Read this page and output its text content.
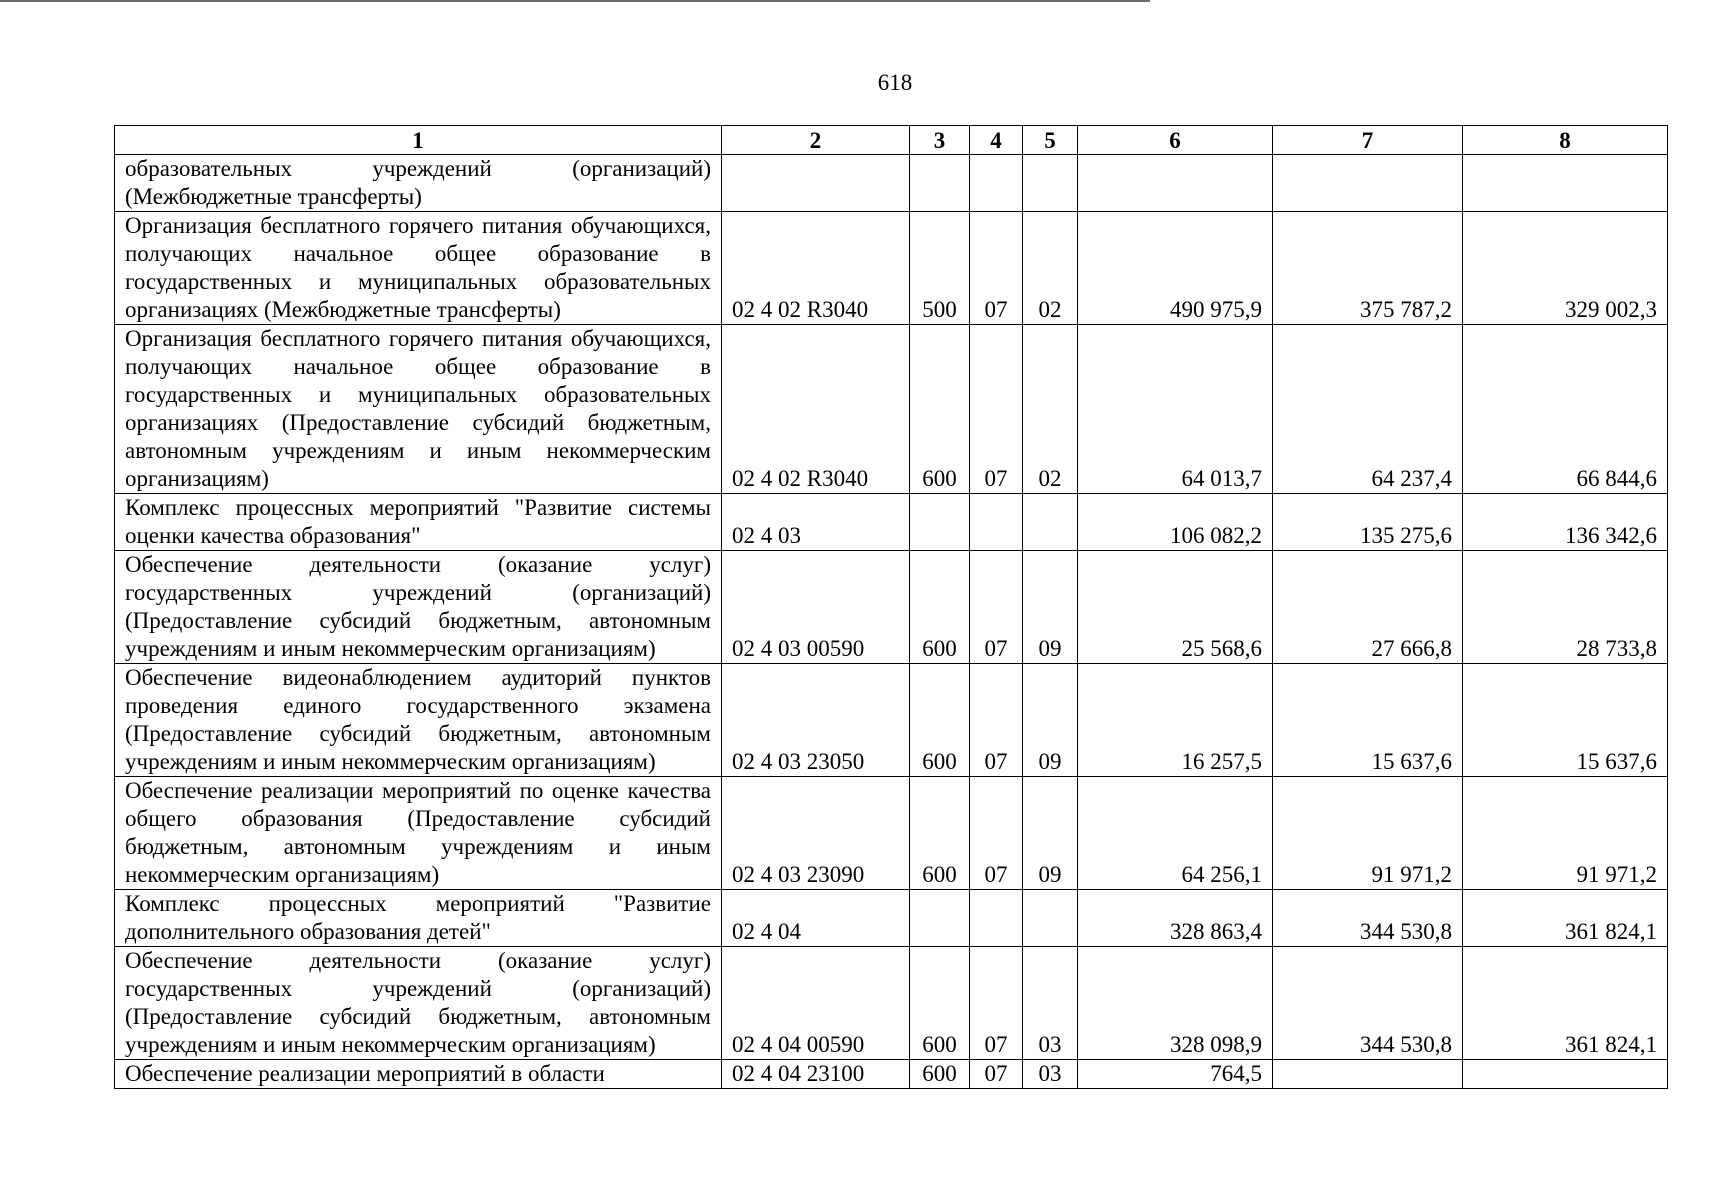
618
1	2	3	4	5	6	7	8
образовательных учреждений (организаций) (Межбюджетные трансферты)							
Организация бесплатного горячего питания обучающихся, получающих начальное общее образование в государственных и муниципальных образовательных организациях (Межбюджетные трансферты)	02 4 02 R3040	500	07	02	490 975,9	375 787,2	329 002,3
Организация бесплатного горячего питания обучающихся, получающих начальное общее образование в государственных и муниципальных образовательных организациях (Предоставление субсидий бюджетным, автономным учреждениям и иным некоммерческим организациям)	02 4 02 R3040	600	07	02	64 013,7	64 237,4	66 844,6
Комплекс процессных мероприятий "Развитие системы оценки качества образования"	02 4 03				106 082,2	135 275,6	136 342,6
Обеспечение деятельности (оказание услуг) государственных учреждений (организаций) (Предоставление субсидий бюджетным, автономным учреждениям и иным некоммерческим организациям)	02 4 03 00590	600	07	09	25 568,6	27 666,8	28 733,8
Обеспечение видеонаблюдением аудиторий пунктов проведения единого государственного экзамена (Предоставление субсидий бюджетным, автономным учреждениям и иным некоммерческим организациям)	02 4 03 23050	600	07	09	16 257,5	15 637,6	15 637,6
Обеспечение реализации мероприятий по оценке качества общего образования (Предоставление субсидий бюджетным, автономным учреждениям и иным некоммерческим организациям)	02 4 03 23090	600	07	09	64 256,1	91 971,2	91 971,2
Комплекс процессных мероприятий "Развитие дополнительного образования детей"	02 4 04				328 863,4	344 530,8	361 824,1
Обеспечение деятельности (оказание услуг) государственных учреждений (организаций) (Предоставление субсидий бюджетным, автономным учреждениям и иным некоммерческим организациям)	02 4 04 00590	600	07	03	328 098,9	344 530,8	361 824,1
Обеспечение реализации мероприятий в области	02 4 04 23100	600	07	03	764,5		
